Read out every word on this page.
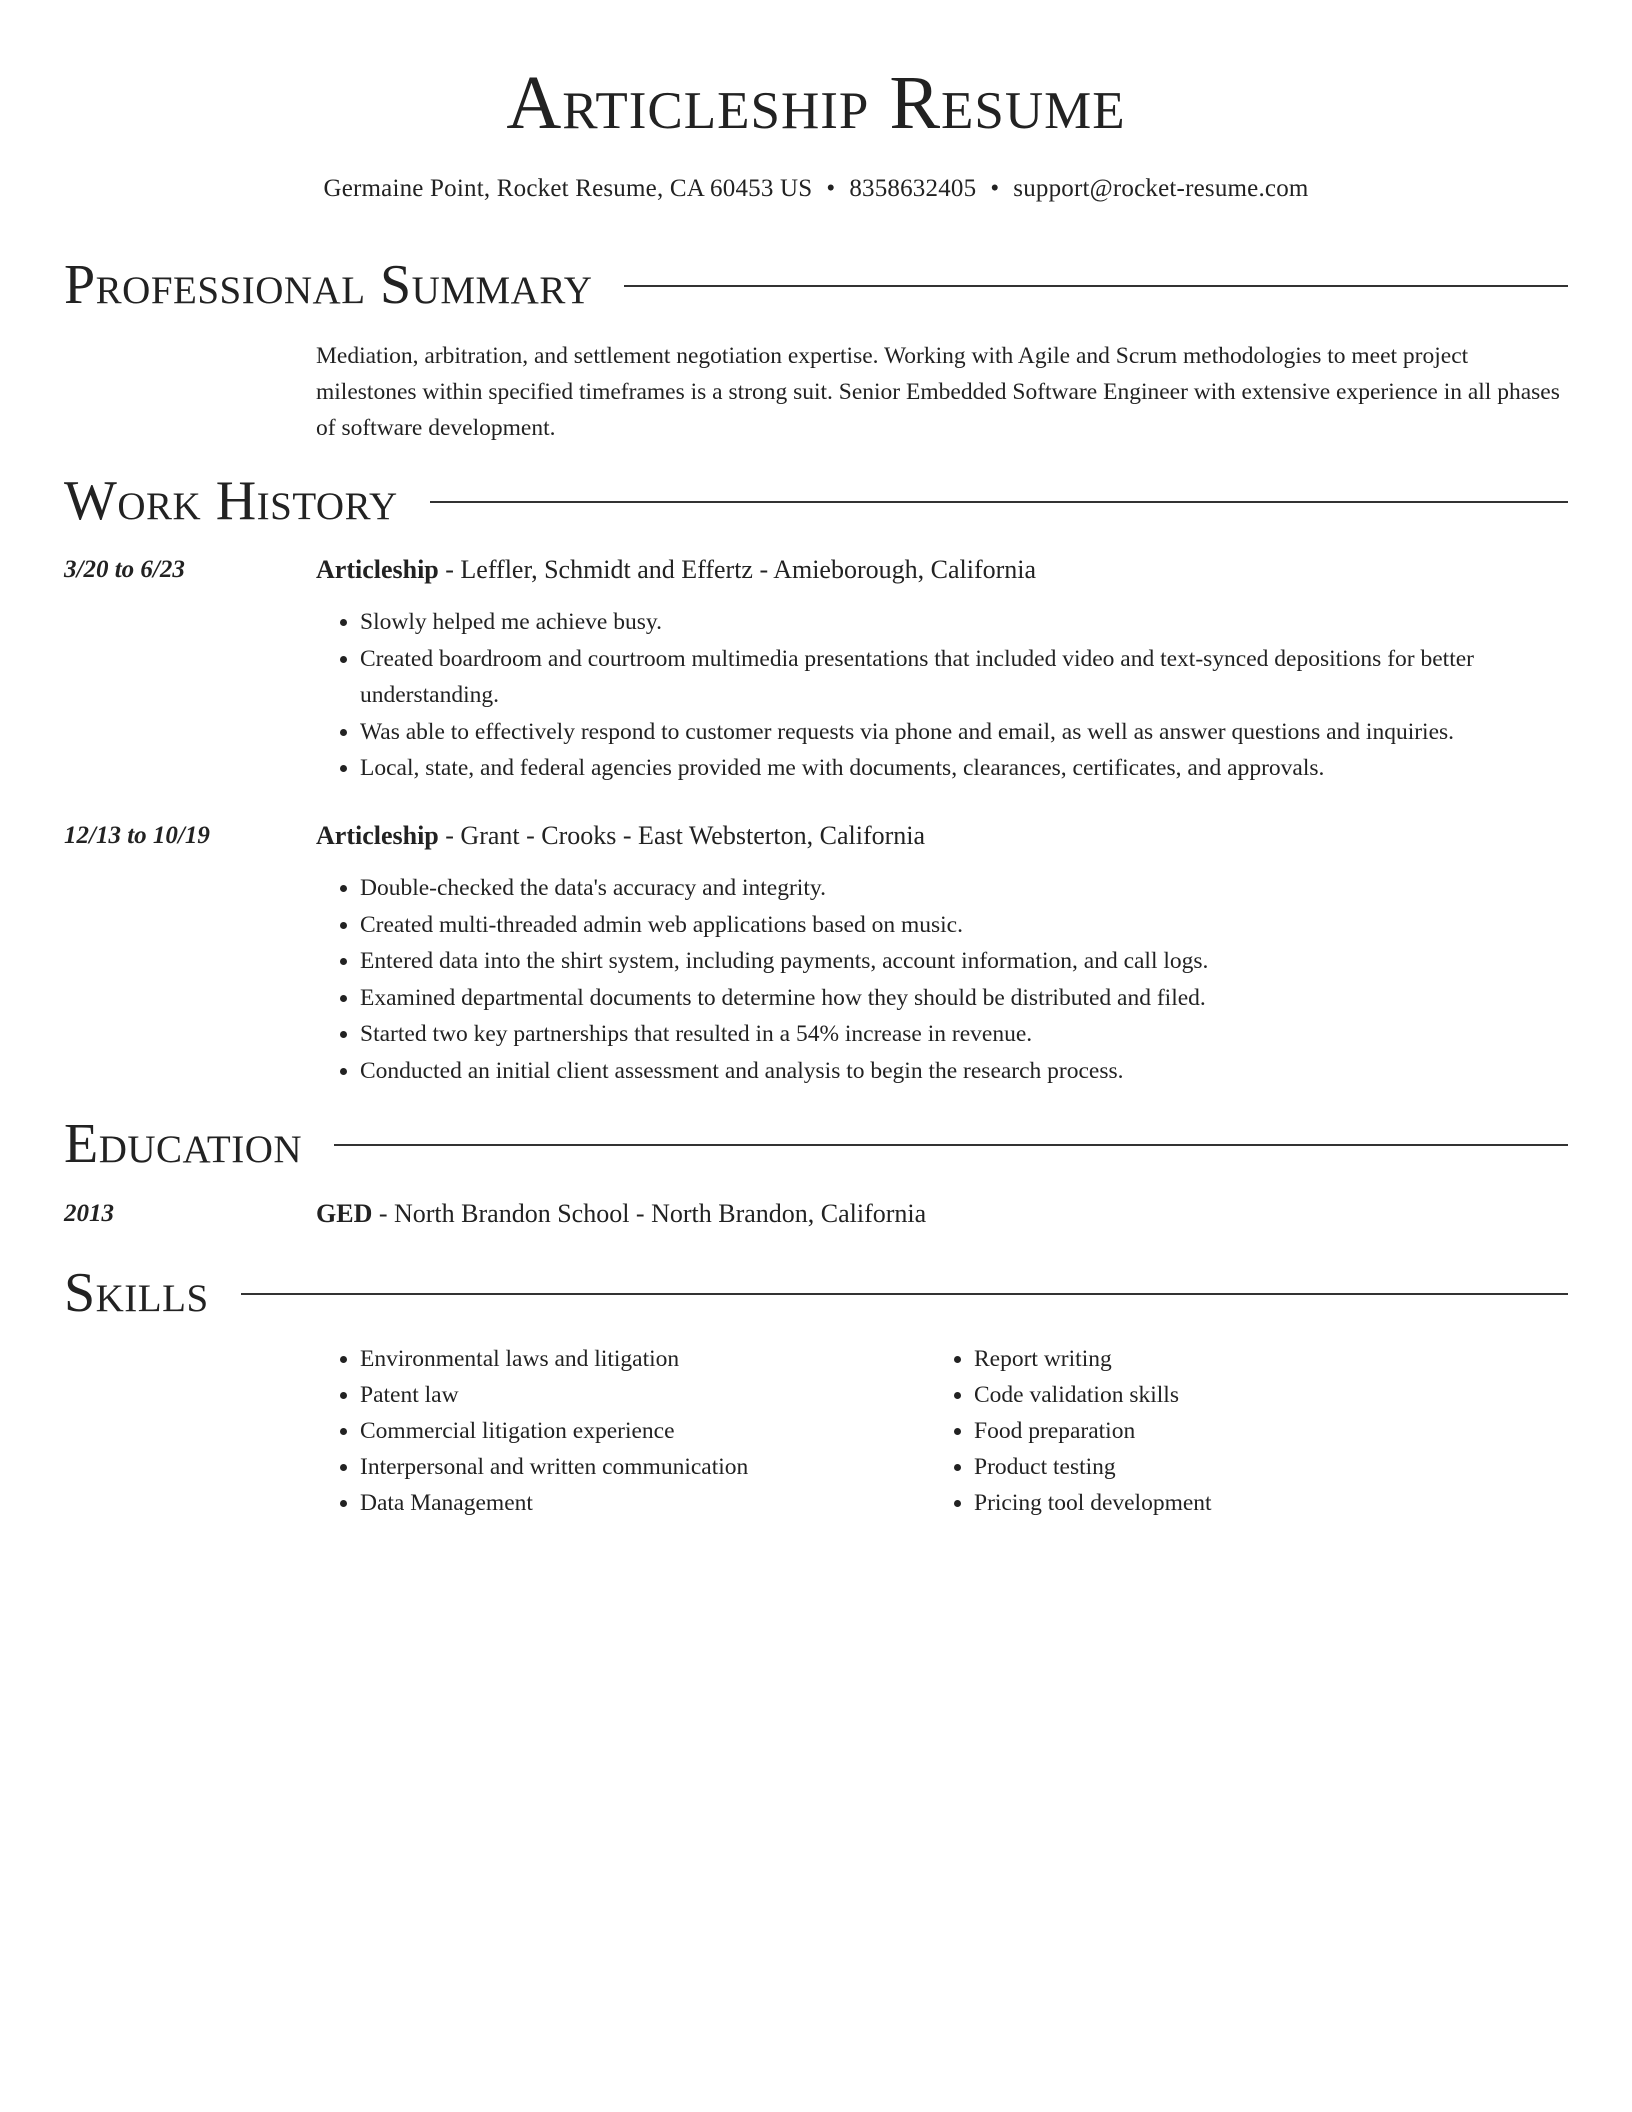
Articleship Resume
Germaine Point, Rocket Resume, CA 60453 US • 8358632405 • support@rocket-resume.com
Professional Summary

Mediation, arbitration, and settlement negotiation expertise. Working with Agile and Scrum methodologies to meet project milestones within specified timeframes is a strong suit. Senior Embedded Software Engineer with extensive experience in all phases of software development.

Work History
3/20 to 6/23	Articleship - Leffler, Schmidt and Effertz - Amieborough, California
• Slowly helped me achieve busy.
• Created boardroom and courtroom multimedia presentations that included video and text-synced depositions for better understanding.
• Was able to effectively respond to customer requests via phone and email, as well as answer questions and inquiries.
• Local, state, and federal agencies provided me with documents, clearances, certificates, and approvals.
12/13 to 10/19	Articleship - Grant - Crooks - East Websterton, California
• Double-checked the data's accuracy and integrity.
• Created multi-threaded admin web applications based on music.
• Entered data into the shirt system, including payments, account information, and call logs.
• Examined departmental documents to determine how they should be distributed and filed.
• Started two key partnerships that resulted in a 54% increase in revenue.
• Conducted an initial client assessment and analysis to begin the research process.
Education
2013	GED - North Brandon School - North Brandon, California
Skills
• Environmental laws and litigation
• Patent law
• Commercial litigation experience
• Interpersonal and written communication
• Data Management
• Report writing
• Code validation skills
• Food preparation
• Product testing
• Pricing tool development
